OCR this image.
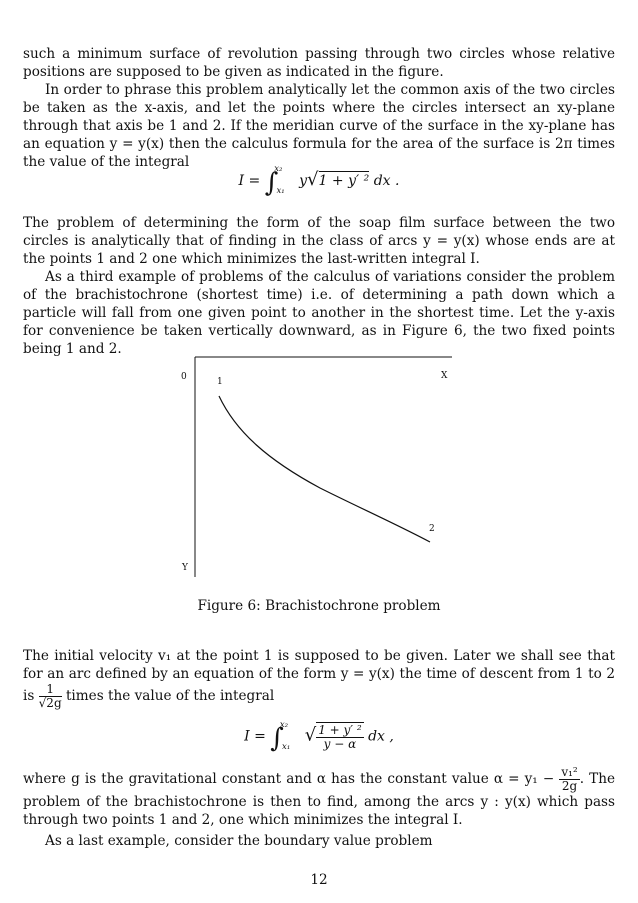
such a minimum surface of revolution passing through two circles whose relative positions are supposed to be given as indicated in the figure.

In order to phrase this problem analytically let the common axis of the two circles be taken as the x-axis, and let the points where the circles intersect an xy-plane through that axis be 1 and 2. If the meridian curve of the surface in the xy-plane has an equation y = y(x) then the calculus formula for the area of the surface is 2π times the value of the integral

I = ∫$^{x_2}_{x_1}$ y√1 + y′ ² dx .

The problem of determining the form of the soap film surface between the two circles is analytically that of finding in the class of arcs y = y(x) whose ends are at the points 1 and 2 one which minimizes the last-written integral I.

As a third example of problems of the calculus of variations consider the problem of the brachistochrone (shortest time) i.e. of determining a path down which a particle will fall from one given point to another in the shortest time. Let the y-axis for convenience be taken vertically downward, as in Figure 6, the two fixed points being 1 and 2.

0	X
Y
1
2
Figure 6: Brachistochrone problem

The initial velocity v₁ at the point 1 is supposed to be given. Later we shall see that for an arc defined by an equation of the form y = y(x) the time of descent from 1 to 2 is $\frac{1}{√2g}$ times the value of the integral

I = ∫$^{x_2}_{x_1}$ √ $\frac{\text{1 + y′ ²}}{y - \alpha}$ dx ,

where g is the gravitational constant and α has the constant value $\alpha = y_1 - \frac{\text{v₁²}}{2g}$ . The problem of the brachistochrone is then to find, among the arcs y : y(x) which pass through two points 1 and 2, one which minimizes the integral I.

As a last example, consider the boundary value problem

12
